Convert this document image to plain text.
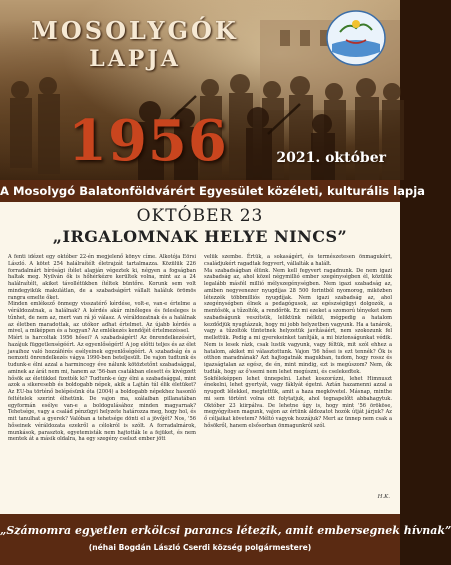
MOSOLYGÓK
LAPJA
1956	2021. október
A Mosolygó Balatonföldvárért Egyesület közéleti, kulturális lapja
OKTÓBER 23
„IRGALOMNAK HELYE NINCS”

A fenti idézet egy október 22-én megjelenő könyv címe. Alkotója Eörsi László. A kötet 254 halálraítélt életrajzát tartalmazza. Közülük 226 forradalmárt bírósági ítélet alapján végeztek ki, négyen a fogságban haltak meg. Nyilván ők is hőhérkézre kerültek volna, mint az a 24 halálraítélt, akiket távollétükben ítéltek büntőre. Korunk sem volt mindegyikük makulátlan, de a szabadságért vállalt haláluk örömös rangra emelte őket.

Minden emlékező önmegy visszatérő kérdése, volt-e, van-e értelme a véráldozatnak, a halálnak? A kérdés akár minőleges és felesleges is tűnhet, de nem az, mert van rá jó válasz. A véráldozatnak és a halálnak az életben maradottak, az utókor adhat értelmet. Az újabb kérdés a mivel, a miképpen és a hogyan? Az emlékezés kendőjét értelmezéssel.

Miért is harcoltak 1956 hősei? A szabadságért! Az önrendelkezésért, hazájuk függetlenségéért. Az egyenlőségért! A jog előtti teljes és az élet javaihoz való hozzáférés esélyeinek egyenlőségéért. A szabadság és a nemzeti önrendelkezés vágya 1990-ben beteljesült. De vajon tudtunk és tudunk-e élni azzal a harmincegy éve nálunk kötöztetőnt szabadsággal, aminek az árát nem mi, hanem az '56-ban csatákban elesett és kivégzett hősök az életükkel fizették ki? Tudtunk-e úgy élni a szabadsággal, mint azok a sikeresebb és boldogabb népek, akik a Lajtán túl élik életüket? Az EU-ba történő belépésünk óta (2004) a boldogabb népekhez hasonló feltételek szerint élhetünk. De vajon ma, szálaiban pillanatában egyformán esélye van-e a boldogulásához minden magyarnak? Tehetsége, vagy a család pénzügyi helyzete határozza meg, hogy hol, és mit tanulhat a gyerek? Valóban a tehetsége dönti el a jövőjét? Nos, '56 hőseinek véráldozata ezekről a célokról is szólt. A forradalmárok, munkások, parasztok, egyetemisták nem hajtották le a fejüket, és nem mentek át a másik oldalra, ha egy szegény cselszt ember jött

velük szembe. Értük, a sokaságért, és természetesen önmagukért, családjukért ragadtak fegyvert, vállalták a halált.

Ma szabadságban élünk. Nem kell fegyvert ragadnunk. De nem igazi szabadság az, ahol közel négymillió ember szegénységben él, közülük legalább másfél millió mélyszegénységben. Nem igazi szabadság az, amiben negyvenezer nyugdíjas 28 500 forintból nyomorog, miközben létezzék többmilliós nyugdíjak. Nem igazi szabadság az, ahol szegénységben élnek a pedagógusok, az egészségügyi dolgozók, a mentősök, a tűzoltók, a rendőrök. Ez mi ezeket a szomorú tényeket nem szabadságunk veszítsük, leliktünk nélkül, mégpedig a hatalom kezdődjük nyugtázzuk, hogy mi jobb helyzetben vagyunk. Ha a tanárok, vagy a tűzoltók tüntetnek helyzetük javításáért, nem szokozunk fel mellettük. Pedig a mi gyerekeinket tanítják, a mi biztonságunkat védik. Nem is lesek rázk, csak lustik vagyunk, vagy féltük, mit szól ehhez a hatalom, akiket mi választottunk. Vajon '56 hősei is ezt tennék? Ők is otthon maradnának? Azt hajtogatnák magukban, tudom, hogy rossz és igazságtalan az egész, de én, mint mindig, ezt is megúszom? Nem, ők tudták, hogy az ő'ssemi nem lehet megúszni, és cselekedtek.

Sokféleképpen lehet ünnepelni. Lehet koszorúzni, lehet Himnuszt énekelni, lehet gyertyát, vagy fáklyát égetni. Aztán hazamenni azzal a nyugodt lélekkel, megtettük, amit a haza megkövetel. Másnap, minthe mi sem történt volna ott folytatjuk, ahol tegnapelőtt abbahagytuk. Október 23 kiirpálva. De lehetne úgy is, hogy mint '56 örököse, megyógyítsen magunk, vajon az értünk áldozatot hozók útját járjuk? Az ő céljaikat követem? Méltó vagyok hozzájuk? Mert az ünnep nem csak a hősökről, hanem elsősorban önmagunkról szól.

H.K.
„Számomra egyetlen erkölcsi parancs létezik, amit embersegnek hívnak”
(néhai Bogdán László Cserdi község polgármestere)
